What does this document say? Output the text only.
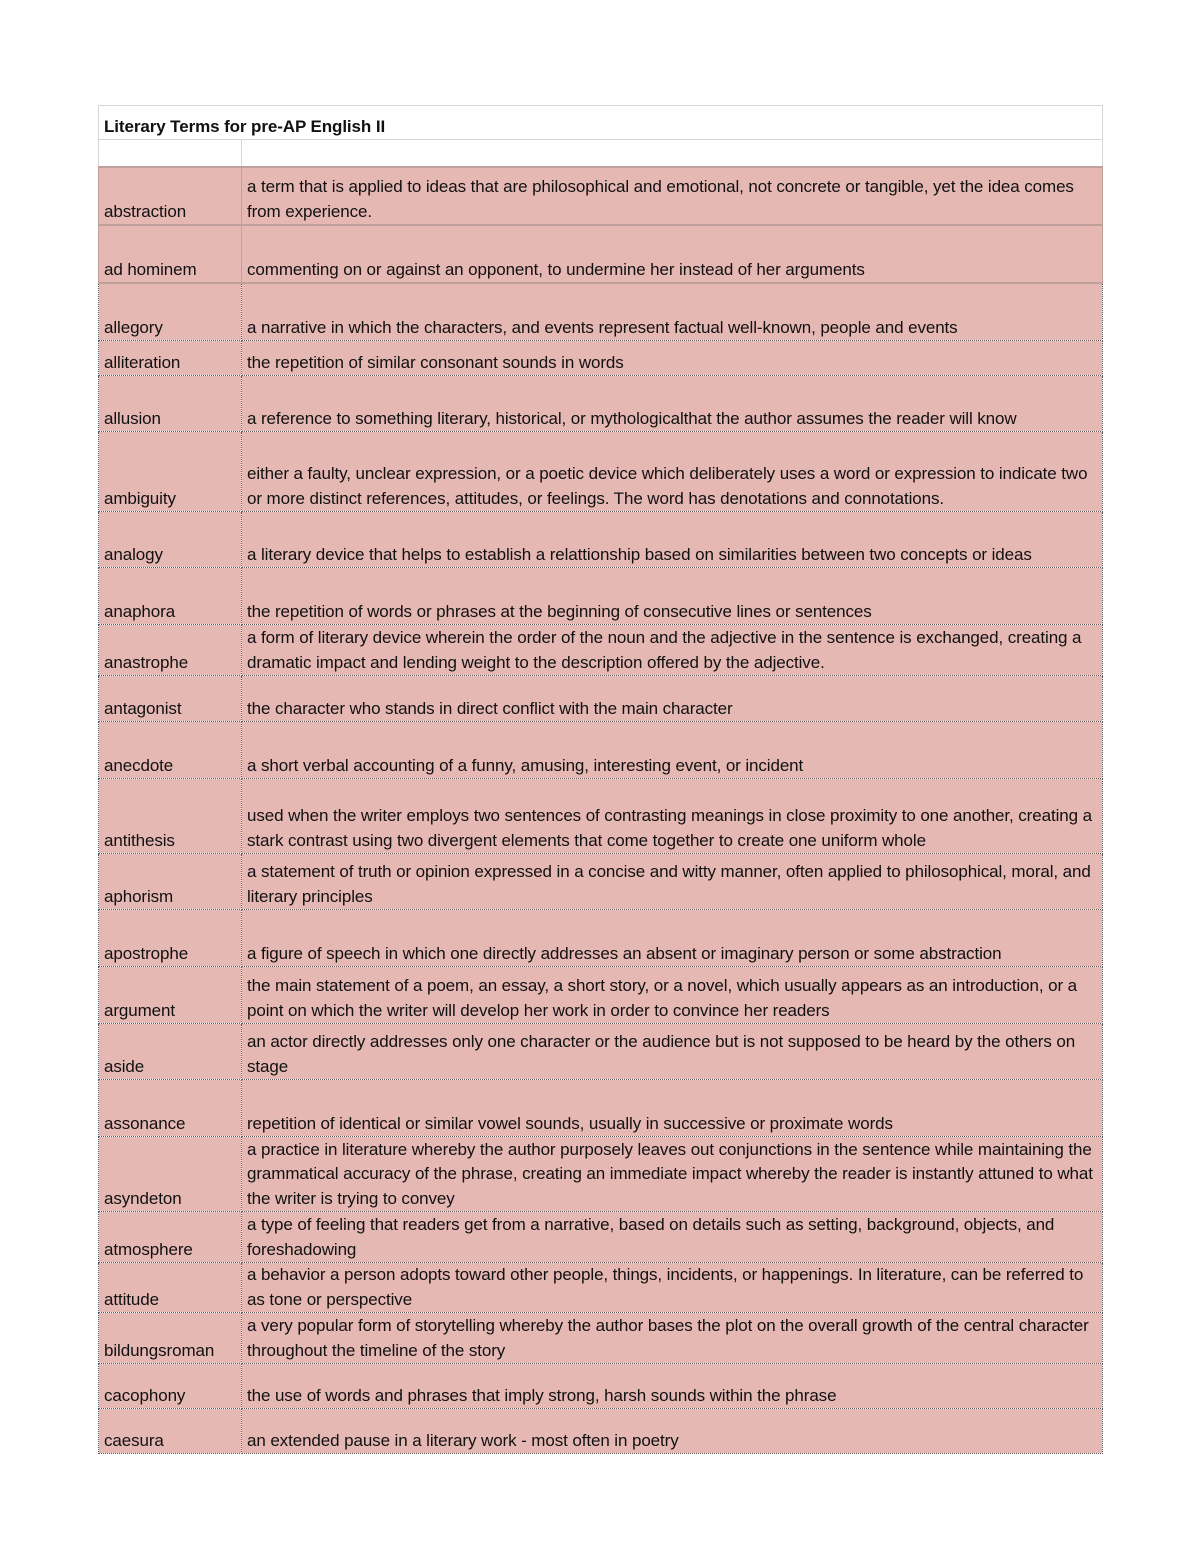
Literary Terms for pre-AP English II	

abstraction	a term that is applied to ideas that are philosophical and emotional, not concrete or tangible, yet the idea comes from experience.
ad hominem	commenting on or against an opponent, to undermine her instead of her arguments
allegory	a narrative in which the characters, and events represent factual well-known, people and events
alliteration	the repetition of similar consonant sounds in words
allusion	a reference to something literary, historical, or mythologicalthat the author assumes the reader will know
ambiguity	either a faulty, unclear expression, or a poetic device which deliberately uses a word or expression to indicate two or more distinct references, attitudes, or feelings. The word has denotations and connotations.
analogy	a literary device that helps to establish a relattionship based on similarities between two concepts or ideas
anaphora	the repetition of words or phrases at the beginning of consecutive lines or sentences
anastrophe	a form of literary device wherein the order of the noun and the adjective in the sentence is exchanged, creating a dramatic impact and lending weight to the description offered by the adjective.
antagonist	the character who stands in direct conflict with the main character
anecdote	a short verbal accounting of a funny, amusing, interesting event, or incident
antithesis	used when the writer employs two sentences of contrasting meanings in close proximity to one another, creating a stark contrast using two divergent elements that come together to create one uniform whole
aphorism	a statement of truth or opinion expressed in a concise and witty manner, often applied to philosophical, moral, and literary principles
apostrophe	a figure of speech in which one directly addresses an absent or imaginary person or some abstraction
argument	the main statement of a poem, an essay, a short story, or a novel, which usually appears as an introduction, or a point on which the writer will develop her work in order to convince her readers
aside	an actor directly addresses only one character or the audience but is not supposed to be heard by the others on stage
assonance	repetition of identical or similar vowel sounds, usually in successive or proximate words
asyndeton	a practice in literature whereby the author purposely leaves out conjunctions in the sentence while maintaining the grammatical accuracy of the phrase, creating an immediate impact whereby the reader is instantly attuned to what the writer is trying to convey
atmosphere	a type of feeling that readers get from a narrative, based on details such as setting, background, objects, and foreshadowing
attitude	a behavior a person adopts toward other people, things, incidents, or happenings. In literature, can be referred to as tone or perspective
bildungsroman	a very popular form of storytelling whereby the author bases the plot on the overall growth of the central character throughout the timeline of the story
cacophony	the use of words and phrases that imply strong, harsh sounds within the phrase
caesura	an extended pause in a literary work - most often in poetry
